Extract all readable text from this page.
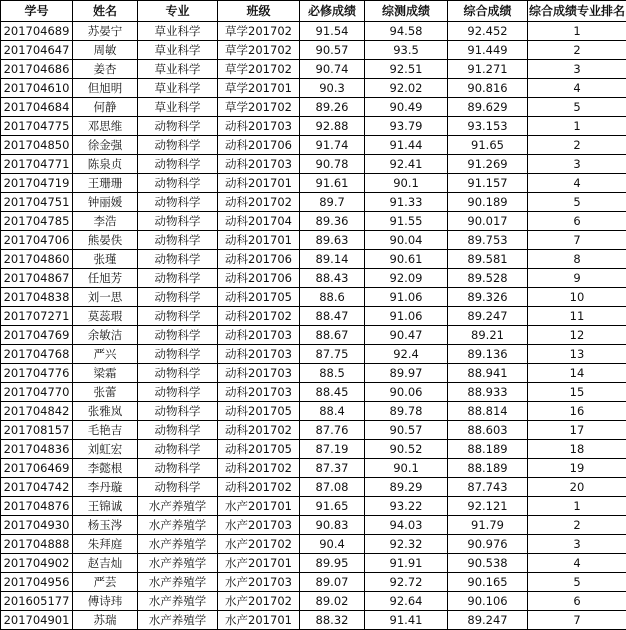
学号	姓名	专业	班级	必修成绩	综测成绩	综合成绩	综合成绩专业排名
201704689	苏晏宁	草业科学	草学201702	91.54	94.58	92.452	1
201704647	周敏	草业科学	草学201702	90.57	93.5	91.449	2
201704686	姜杏	草业科学	草学201702	90.74	92.51	91.271	3
201704610	但旭明	草业科学	草学201701	90.3	92.02	90.816	4
201704684	何静	草业科学	草学201702	89.26	90.49	89.629	5
201704775	邓思维	动物科学	动科201703	92.88	93.79	93.153	1
201704850	徐金强	动物科学	动科201706	91.74	91.44	91.65	2
201704771	陈泉贞	动物科学	动科201703	90.78	92.41	91.269	3
201704719	王珊珊	动物科学	动科201701	91.61	90.1	91.157	4
201704751	钟丽媛	动物科学	动科201702	89.7	91.33	90.189	5
201704785	李浩	动物科学	动科201704	89.36	91.55	90.017	6
201704706	熊晏佚	动物科学	动科201701	89.63	90.04	89.753	7
201704860	张瑾	动物科学	动科201706	89.14	90.61	89.581	8
201704867	任旭芳	动物科学	动科201706	88.43	92.09	89.528	9
201704838	刘一思	动物科学	动科201705	88.6	91.06	89.326	10
201707271	莫蕊瑕	动物科学	动科201702	88.47	91.06	89.247	11
201704769	余敏洁	动物科学	动科201703	88.67	90.47	89.21	12
201704768	严兴	动物科学	动科201703	87.75	92.4	89.136	13
201704776	梁霜	动物科学	动科201703	88.5	89.97	88.941	14
201704770	张蕾	动物科学	动科201703	88.45	90.06	88.933	15
201704842	张雅岚	动物科学	动科201705	88.4	89.78	88.814	16
201708157	毛艳吉	动物科学	动科201702	87.76	90.57	88.603	17
201704836	刘虹宏	动物科学	动科201705	87.19	90.52	88.189	18
201706469	李懿根	动物科学	动科201702	87.37	90.1	88.189	19
201704742	李丹璇	动物科学	动科201702	87.08	89.29	87.743	20
201704876	王锦诚	水产养殖学	水产201701	91.65	93.22	92.121	1
201704930	杨玉涔	水产养殖学	水产201703	90.83	94.03	91.79	2
201704888	朱拜庭	水产养殖学	水产201702	90.4	92.32	90.976	3
201704902	赵吉灿	水产养殖学	水产201701	89.95	91.91	90.538	4
201704956	严芸	水产养殖学	水产201703	89.07	92.72	90.165	5
201605177	傅诗玮	水产养殖学	水产201702	89.02	92.64	90.106	6
201704901	苏瑞	水产养殖学	水产201701	88.32	91.41	89.247	7
